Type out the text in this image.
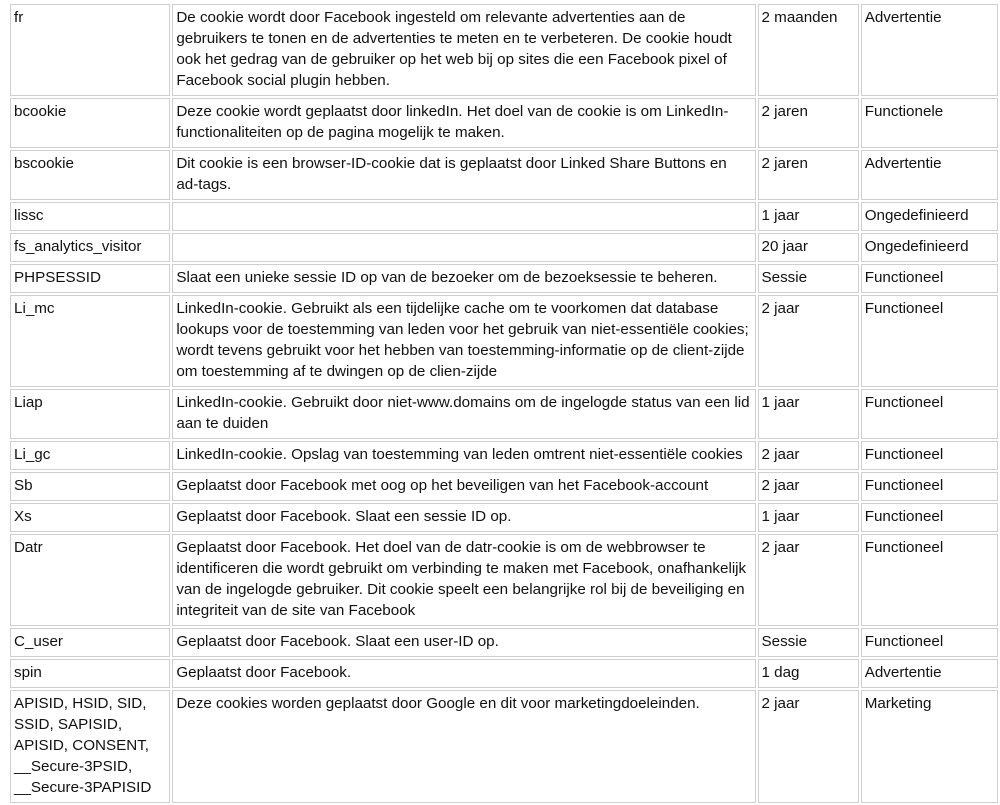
fr	De cookie wordt door Facebook ingesteld om relevante advertenties aan de gebruikers te tonen en de advertenties te meten en te verbeteren. De cookie houdt ook het gedrag van de gebruiker op het web bij op sites die een Facebook pixel of Facebook social plugin hebben.	2 maanden	Advertentie
bcookie	Deze cookie wordt geplaatst door linkedIn. Het doel van de cookie is om LinkedIn-functionaliteiten op de pagina mogelijk te maken.	2 jaren	Functionele
bscookie	Dit cookie is een browser-ID-cookie dat is geplaatst door Linked Share Buttons en ad-tags.	2 jaren	Advertentie
lissc		1 jaar	Ongedefinieerd
fs_analytics_visitor		20 jaar	Ongedefinieerd
PHPSESSID	Slaat een unieke sessie ID op van de bezoeker om de bezoeksessie te beheren.	Sessie	Functioneel
Li_mc	LinkedIn-cookie. Gebruikt als een tijdelijke cache om te voorkomen dat database lookups voor de toestemming van leden voor het gebruik van niet-essentiële cookies; wordt tevens gebruikt voor het hebben van toestemming-informatie op de client-zijde om toestemming af te dwingen op de clien-zijde	2 jaar	Functioneel
Liap	LinkedIn-cookie. Gebruikt door niet-www.domains om de ingelogde status van een lid aan te duiden	1 jaar	Functioneel
Li_gc	LinkedIn-cookie. Opslag van toestemming van leden omtrent niet-essentiële cookies	2 jaar	Functioneel
Sb	Geplaatst door Facebook met oog op het beveiligen van het Facebook-account	2 jaar	Functioneel
Xs	Geplaatst door Facebook. Slaat een sessie ID op.	1 jaar	Functioneel
Datr	Geplaatst door Facebook. Het doel van de datr-cookie is om de webbrowser te identificeren die wordt gebruikt om verbinding te maken met Facebook, onafhankelijk van de ingelogde gebruiker. Dit cookie speelt een belangrijke rol bij de beveiliging en integriteit van de site van Facebook	2 jaar	Functioneel
C_user	Geplaatst door Facebook. Slaat een user-ID op.	Sessie	Functioneel
spin	Geplaatst door Facebook.	1 dag	Advertentie
APISID, HSID, SID, SSID, SAPISID, APISID, CONSENT, __Secure-3PSID, __Secure-3PAPISID	Deze cookies worden geplaatst door Google en dit voor marketingdoeleinden.	2 jaar	Marketing
